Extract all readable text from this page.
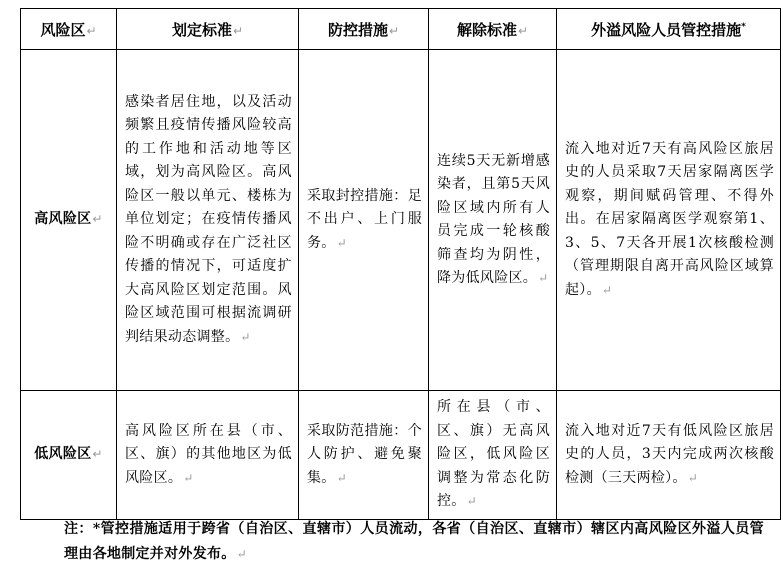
风险区↵	划定标准↵	防控措施↵	解除标准↵	外溢风险人员管控措施*
高风险区↵	感染者居住地，以及活动频繁且疫情传播风险较高的工作地和活动地等区域，划为高风险区。高风险区一般以单元、楼栋为单位划定；在疫情传播风险不明确或存在广泛社区传播的情况下，可适度扩大高风险区划定范围。风险区域范围可根据流调研判结果动态调整。↵	采取封控措施：足不出户、上门服务。↵	连续5天无新增感染者，且第5天风险区域内所有人员完成一轮核酸筛查均为阴性，降为低风险区。↵	流入地对近7天有高风险区旅居史的人员采取7天居家隔离医学观察，期间赋码管理、不得外出。在居家隔离医学观察第1、3、5、7天各开展1次核酸检测（管理期限自离开高风险区域算起）。↵

低风险区↵	高风险区所在县（市、区、旗）的其他地区为低风险区。↵	采取防范措施：个人防护、避免聚集。↵	所在县（市、区、旗）无高风险区，低风险区调整为常态化防控。↵	流入地对近7天有低风险区旅居史的人员，3天内完成两次核酸检测（三天两检）。↵
注：*管控措施适用于跨省（自治区、直辖市）人员流动，各省（自治区、直辖市）辖区内高风险区外溢人员管理由各地制定并对外发布。↵
